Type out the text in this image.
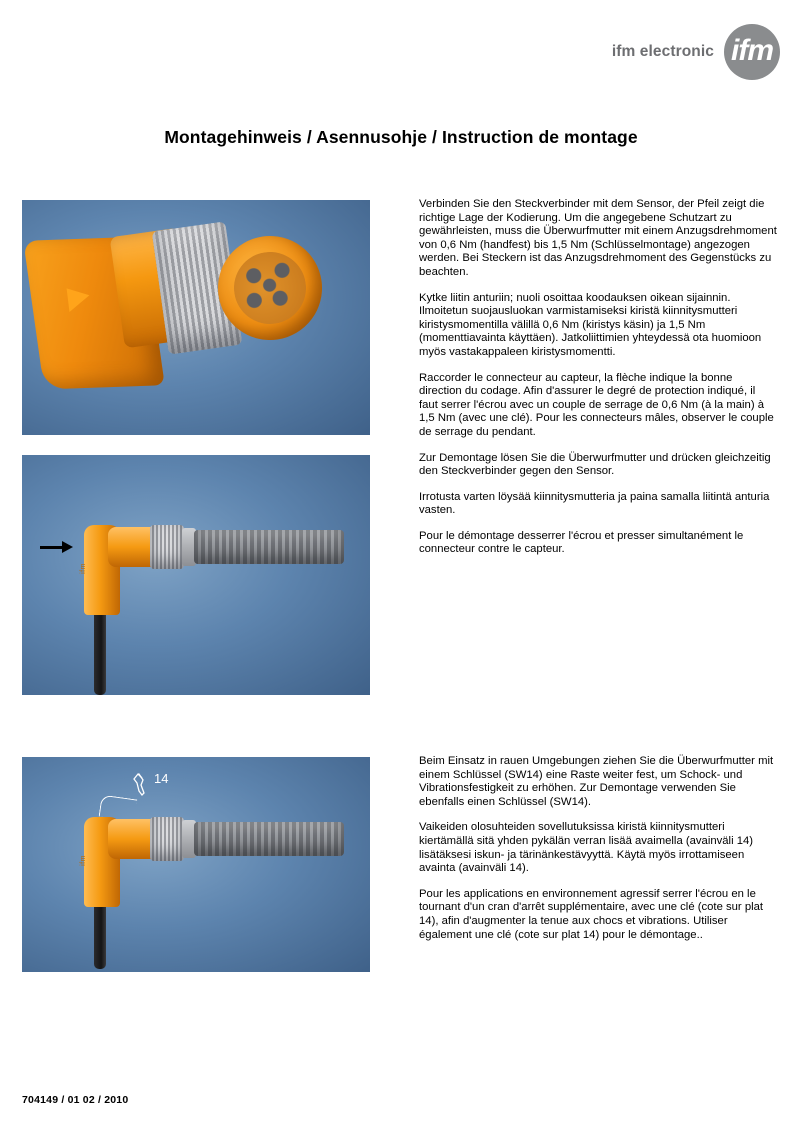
ifm electronic ifm
Montagehinweis / Asennusohje / Instruction de montage
ifm
14
ifm

Verbinden Sie den Steckverbinder mit dem Sensor, der Pfeil zeigt die richtige Lage der Kodierung. Um die angegebene Schutzart zu gewährleisten, muss die Überwurfmutter mit einem Anzugsdrehmoment von 0,6 Nm (handfest) bis 1,5 Nm (Schlüsselmontage) angezogen werden. Bei Steckern ist das Anzugsdrehmoment des Gegenstücks zu beachten.

Kytke liitin anturiin; nuoli osoittaa koodauksen oikean sijainnin. Ilmoitetun suojausluokan varmistamiseksi kiristä kiinnitysmutteri kiristysmomentilla välillä 0,6 Nm (kiristys käsin) ja 1,5 Nm (momenttiavainta käyttäen). Jatkoliittimien yhteydessä ota huomioon myös vastakappaleen kiristysmomentti.

Raccorder le connecteur au capteur, la flèche indique la bonne direction du codage. Afin d'assurer le degré de protection indiqué, il faut serrer l'écrou avec un couple de serrage de 0,6 Nm (à la main) à 1,5 Nm (avec une clé). Pour les connecteurs mâles, observer le couple de serrage du pendant.

Zur Demontage lösen Sie die Überwurfmutter und drücken gleichzeitig den Steckverbinder gegen den Sensor.

Irrotusta varten löysää kiinnitysmutteria ja paina samalla liitintä anturia vasten.

Pour le démontage desserrer l'écrou et presser simultanément le connecteur contre le capteur.

Beim Einsatz in rauen Umgebungen ziehen Sie die Überwurfmutter mit einem Schlüssel (SW14) eine Raste weiter fest, um Schock- und Vibrationsfestigkeit zu erhöhen. Zur Demontage verwenden Sie ebenfalls einen Schlüssel (SW14).

Vaikeiden olosuhteiden sovellutuksissa kiristä kiinnitysmutteri kiertämällä sitä yhden pykälän verran lisää avaimella (avainväli 14) lisätäksesi iskun- ja tärinänkestävyyttä. Käytä myös irrottamiseen avainta (avainväli 14).

Pour les applications en environnement agressif serrer l'écrou en le tournant d'un cran d'arrêt supplémentaire, avec une clé (cote sur plat 14), afin d'augmenter la tenue aux chocs et vibrations. Utiliser également une clé (cote sur plat 14) pour le démontage..

704149 / 01 02 / 2010
